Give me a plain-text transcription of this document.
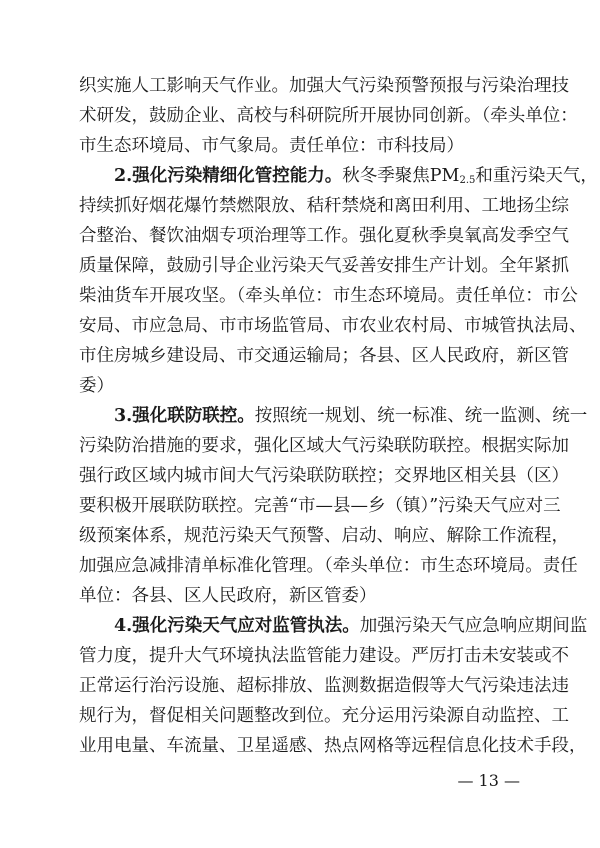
织实施人工影响天气作业。加强大气污染预警预报与污染治理技
术研发，鼓励企业、高校与科研院所开展协同创新。（牵头单位：
市生态环境局、市气象局。责任单位：市科技局）
2.强化污染精细化管控能力。秋冬季聚焦$PM_{2.5}$和重污染天气，
持续抓好烟花爆竹禁燃限放、秸秆禁烧和离田利用、工地扬尘综
合整治、餐饮油烟专项治理等工作。强化夏秋季臭氧高发季空气
质量保障，鼓励引导企业污染天气妥善安排生产计划。全年紧抓
柴油货车开展攻坚。（牵头单位：市生态环境局。责任单位：市公
安局、市应急局、市市场监管局、市农业农村局、市城管执法局、
市住房城乡建设局、市交通运输局；各县、区人民政府，新区管
委）
3.强化联防联控。按照统一规划、统一标准、统一监测、统一
污染防治措施的要求，强化区域大气污染联防联控。根据实际加
强行政区域内城市间大气污染联防联控；交界地区相关县（区）
要积极开展联防联控。完善“市—县—乡（镇）”污染天气应对三
级预案体系，规范污染天气预警、启动、响应、解除工作流程，
加强应急减排清单标准化管理。（牵头单位：市生态环境局。责任
单位：各县、区人民政府，新区管委）
4.强化污染天气应对监管执法。加强污染天气应急响应期间监
管力度，提升大气环境执法监管能力建设。严厉打击未安装或不
正常运行治污设施、超标排放、监测数据造假等大气污染违法违
规行为，督促相关问题整改到位。充分运用污染源自动监控、工
业用电量、车流量、卫星遥感、热点网格等远程信息化技术手段，
— 13 —
